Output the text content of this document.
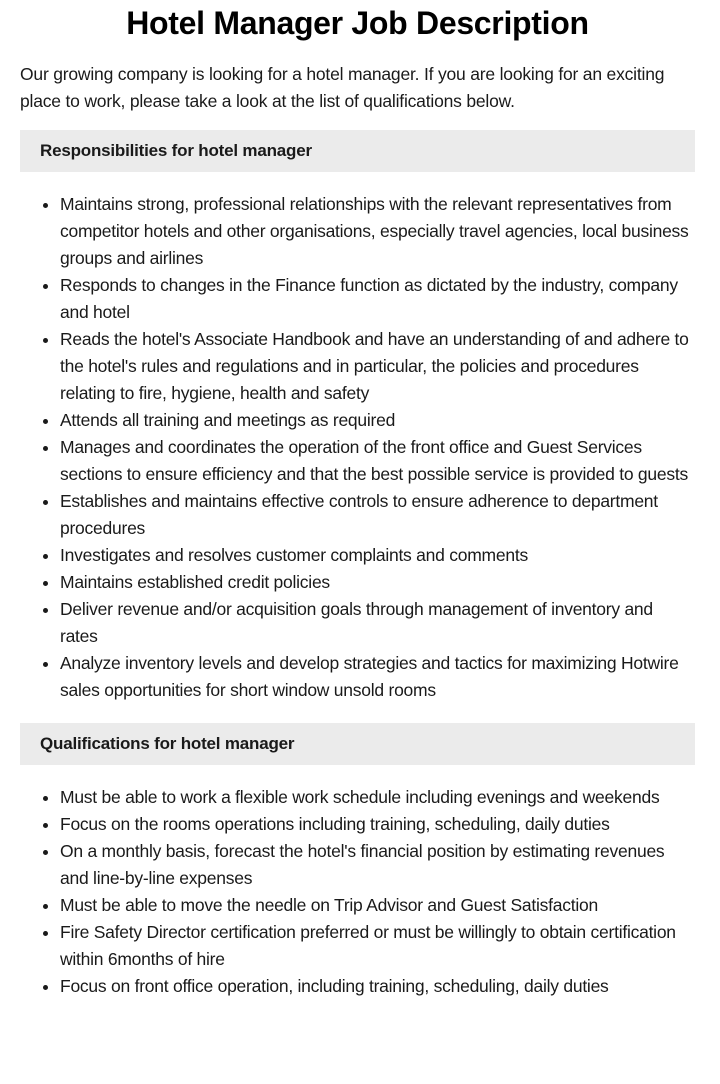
Hotel Manager Job Description

Our growing company is looking for a hotel manager. If you are looking for an exciting place to work, please take a look at the list of qualifications below.

Responsibilities for hotel manager
• Maintains strong, professional relationships with the relevant representatives from competitor hotels and other organisations, especially travel agencies, local business groups and airlines
• Responds to changes in the Finance function as dictated by the industry, company and hotel
• Reads the hotel's Associate Handbook and have an understanding of and adhere to the hotel's rules and regulations and in particular, the policies and procedures relating to fire, hygiene, health and safety
• Attends all training and meetings as required
• Manages and coordinates the operation of the front office and Guest Services sections to ensure efficiency and that the best possible service is provided to guests
• Establishes and maintains effective controls to ensure adherence to department procedures
• Investigates and resolves customer complaints and comments
• Maintains established credit policies
• Deliver revenue and/or acquisition goals through management of inventory and rates
• Analyze inventory levels and develop strategies and tactics for maximizing Hotwire sales opportunities for short window unsold rooms
Qualifications for hotel manager
• Must be able to work a flexible work schedule including evenings and weekends
• Focus on the rooms operations including training, scheduling, daily duties
• On a monthly basis, forecast the hotel's financial position by estimating revenues and line-by-line expenses
• Must be able to move the needle on Trip Advisor and Guest Satisfaction
• Fire Safety Director certification preferred or must be willingly to obtain certification within 6months of hire
• Focus on front office operation, including training, scheduling, daily duties
